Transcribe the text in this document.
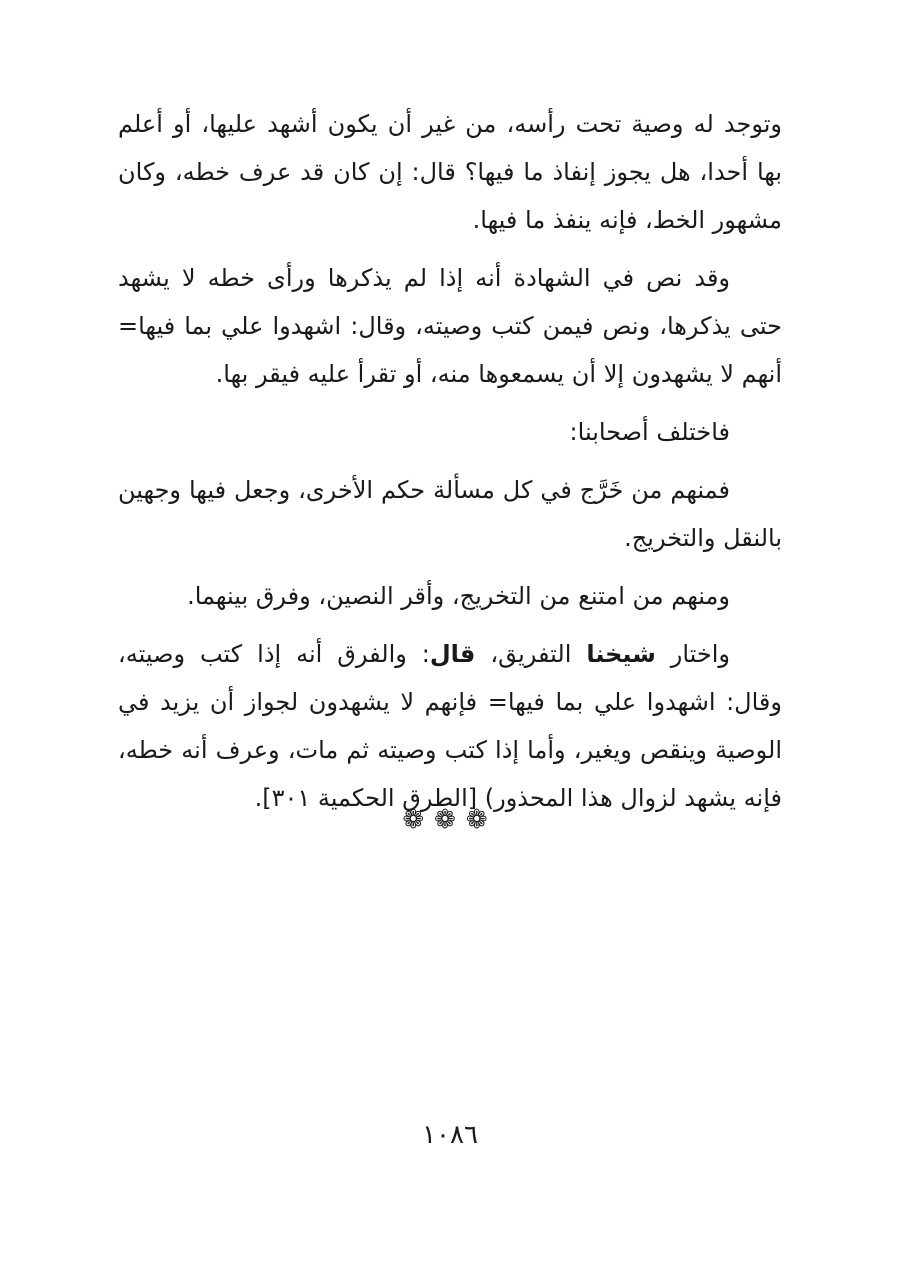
وتوجد له وصية تحت رأسه، من غير أن يكون أشهد عليها، أو أعلم بها أحدا، هل يجوز إنفاذ ما فيها؟ قال: إن كان قد عرف خطه، وكان مشهور الخط، فإنه ينفذ ما فيها.

وقد نص في الشهادة أنه إذا لم يذكرها ورأى خطه لا يشهد حتى يذكرها، ونص فيمن كتب وصيته، وقال: اشهدوا علي بما فيها= أنهم لا يشهدون إلا أن يسمعوها منه، أو تقرأ عليه فيقر بها.

فاختلف أصحابنا:

فمنهم من خَرَّج في كل مسألة حكم الأخرى، وجعل فيها وجهين بالنقل والتخريج.

ومنهم من امتنع من التخريج، وأقر النصين، وفرق بينهما.

واختار شيخنا التفريق، قال: والفرق أنه إذا كتب وصيته، وقال: اشهدوا علي بما فيها= فإنهم لا يشهدون لجواز أن يزيد في الوصية وينقص ويغير، وأما إذا كتب وصيته ثم مات، وعرف أنه خطه، فإنه يشهد لزوال هذا المحذور) [الطرق الحكمية ٣٠١].

❁❁❁
١٠٨٦
